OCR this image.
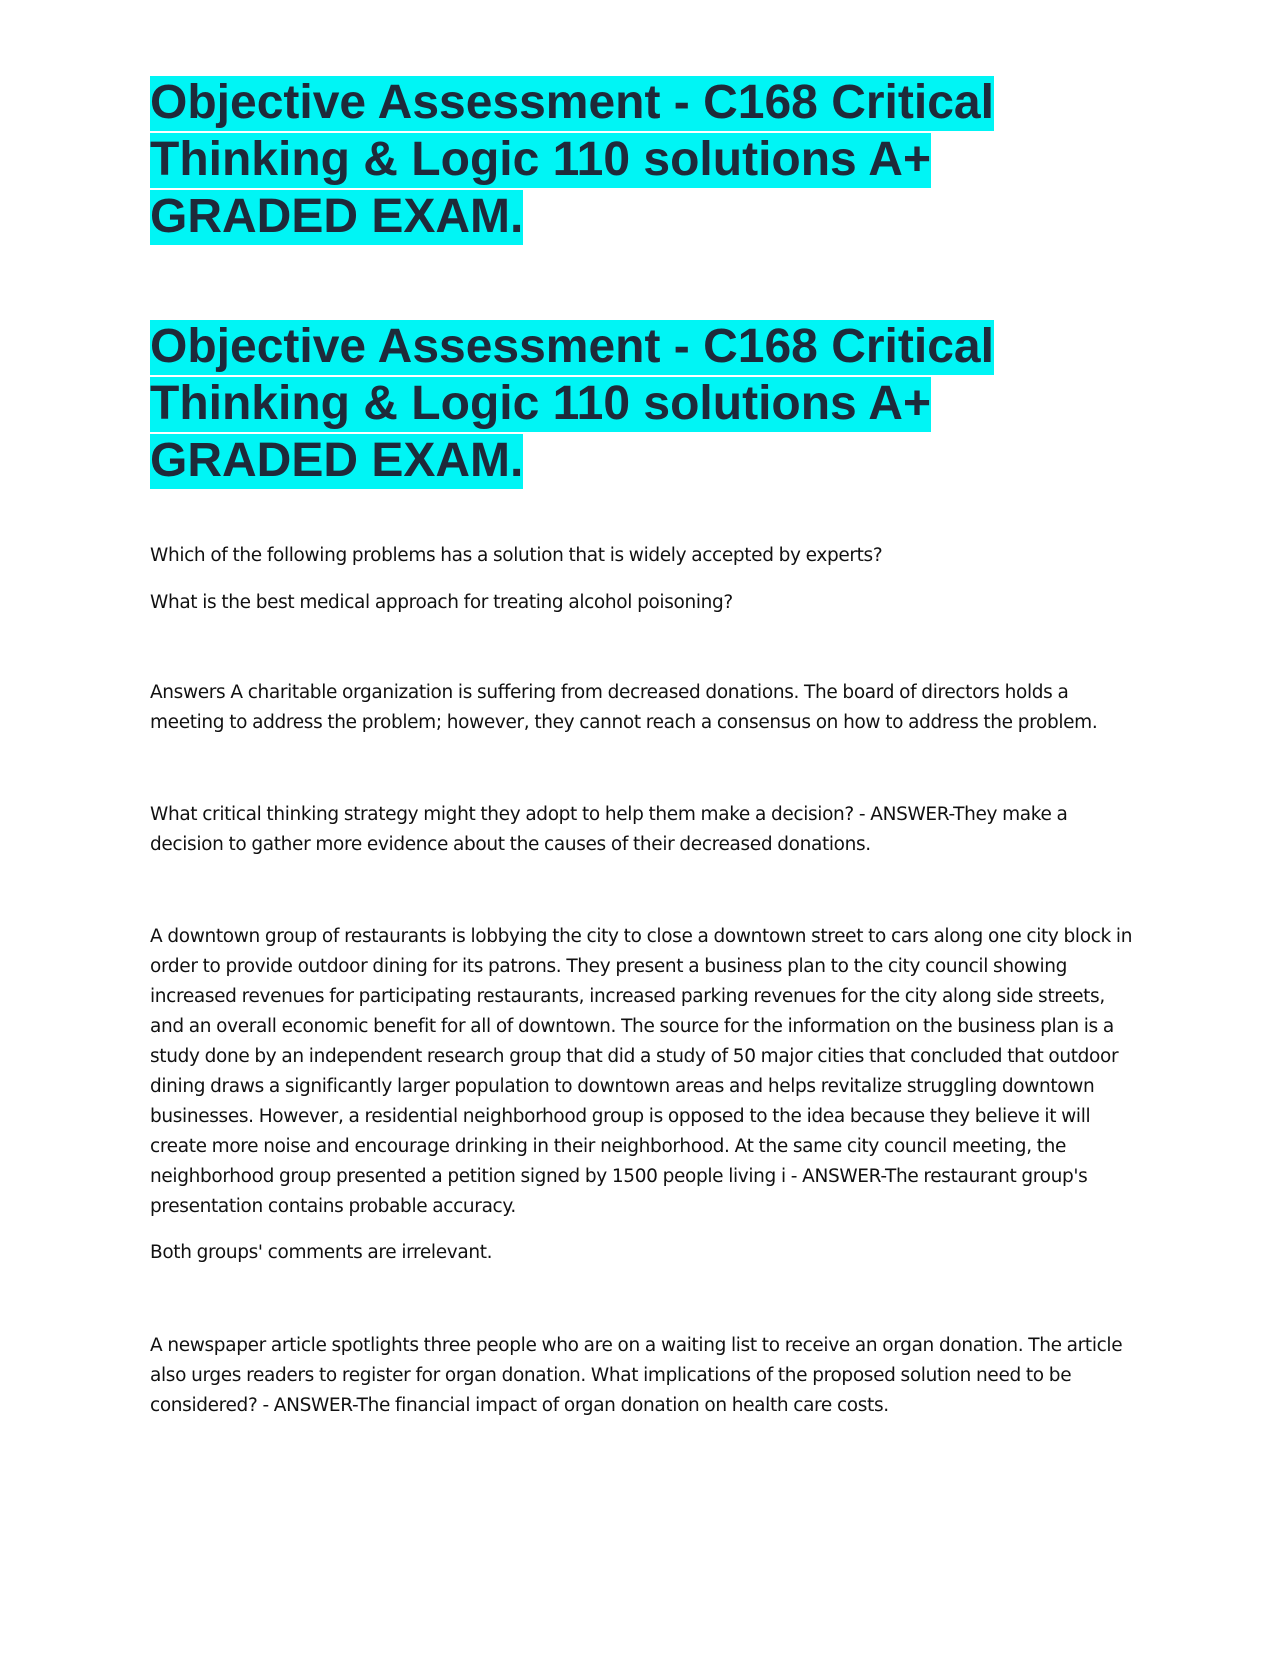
Objective Assessment - C168 Critical Thinking & Logic 110 solutions A+ GRADED EXAM.
Objective Assessment - C168 Critical Thinking & Logic 110 solutions A+ GRADED EXAM.

Which of the following problems has a solution that is widely accepted by experts?

What is the best medical approach for treating alcohol poisoning?

Answers A charitable organization is suffering from decreased donations. The board of directors holds a meeting to address the problem; however, they cannot reach a consensus on how to address the problem.

What critical thinking strategy might they adopt to help them make a decision? - ANSWER-They make a decision to gather more evidence about the causes of their decreased donations.

A downtown group of restaurants is lobbying the city to close a downtown street to cars along one city block in order to provide outdoor dining for its patrons. They present a business plan to the city council showing increased revenues for participating restaurants, increased parking revenues for the city along side streets, and an overall economic benefit for all of downtown. The source for the information on the business plan is a study done by an independent research group that did a study of 50 major cities that concluded that outdoor dining draws a significantly larger population to downtown areas and helps revitalize struggling downtown businesses. However, a residential neighborhood group is opposed to the idea because they believe it will create more noise and encourage drinking in their neighborhood. At the same city council meeting, the neighborhood group presented a petition signed by 1500 people living i - ANSWER-The restaurant group's presentation contains probable accuracy.

Both groups' comments are irrelevant.

A newspaper article spotlights three people who are on a waiting list to receive an organ donation. The article also urges readers to register for organ donation. What implications of the proposed solution need to be considered? - ANSWER-The financial impact of organ donation on health care costs.
